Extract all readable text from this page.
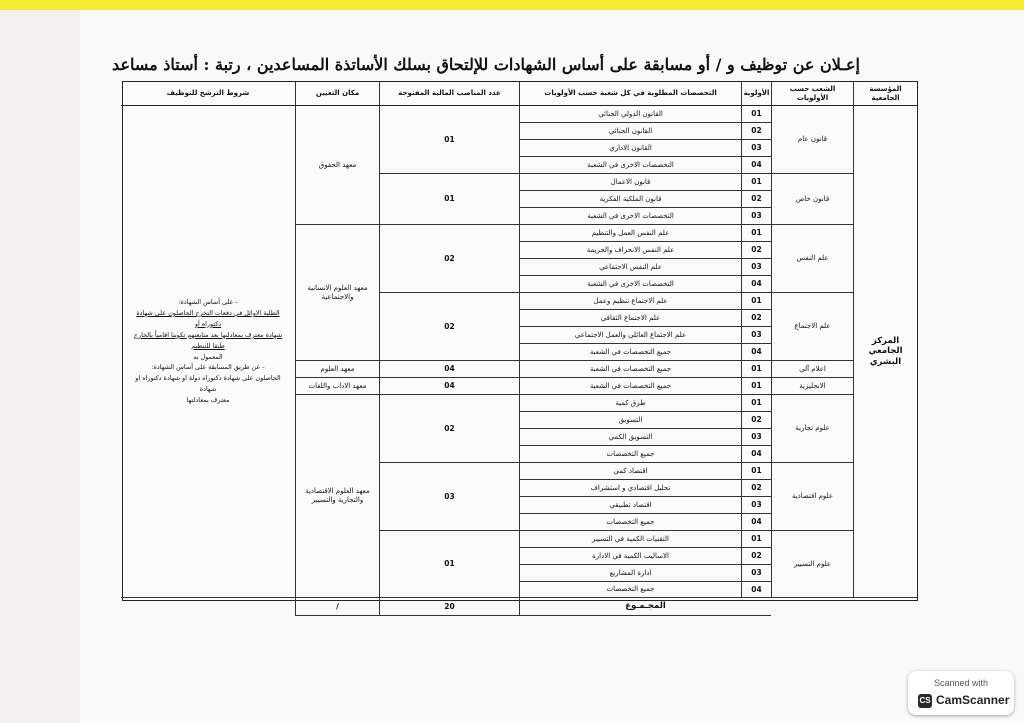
إعـلان عن توظيف و / أو مسابقة على أساس الشهادات للإلتحاق بسلك الأساتذة المساعدين ، رتبة : أستاذ مساعد
المؤسسة الجامعية
الشعب حسب الأولويات
التخصصات المطلوبة في كل شعبة حسب الأولويات	الأولوية
عدد المناصب المالية المفتوحة
مكان التعيين
شروط الترشح للتوظيف
المركز الجامعي البشري
- على أساس الشهادة:
الطلبة الاوائل في دفعات التخرج الحاصلون على شهادة دكتوراه أو
شهادة معترف بمعادلتها بعد متابعتهم تكوينا اقامياً بالخارج طبقا للتنظيم
المعمول به
- عن طريق المسابقة على أساس الشهادة:
الحاصلون على شهادة دكتوراه دولة او شهادة دكتوراه او شهادة
معترف بمعادلتها
قانون عام
قانون خاص
علم النفس
علم الاجتماع
اعلام آلي
الانجليزية
علوم تجارية
علوم اقتصادية
علوم التسيير
01
01
02
02
04
04
02
03
01
معهد الحقوق
معهد العلوم الانسانية والاجتماعية
معهد العلوم
معهد الاداب واللغات
معهد العلوم الاقتصادية والتجارية والتسيير
01
القانون الدولي الجنائي
02
القانون الجنائي
03
القانون الاداري
04
التخصصات الاخرى في الشعبة
01
قانون الاعمال
02
قانون الملكية الفكرية
03
التخصصات الاخرى في الشعبة
01
علم النفس العمل والتنظيم
02
علم النفس الانحراف والجريمة
03
علم النفس الاجتماعي
04
التخصصات الاخرى في الشعبة
01
علم الاجتماع تنظيم وعمل
02
علم الاجتماع الثقافي
03
علم الاجتماع العائلي والعمل الاجتماعي
04
جميع التخصصات في الشعبة
01
جميع التخصصات في الشعبة
01
جميع التخصصات في الشعبة
01
طرق كمية
02
التسويق
03
التسويق الكمي
04
جميع التخصصات
01
اقتصاد كمي
02
تحليل اقتصادي و استشراف
03
اقتصاد تطبيقي
04
جميع التخصصات
01
التقنيات الكمية في التسيير
02
الاساليب الكمية في الادارة
03
ادارة المشاريع
04
جميع التخصصات
المجـمـوع
20
/
Scanned with
CS CamScanner
